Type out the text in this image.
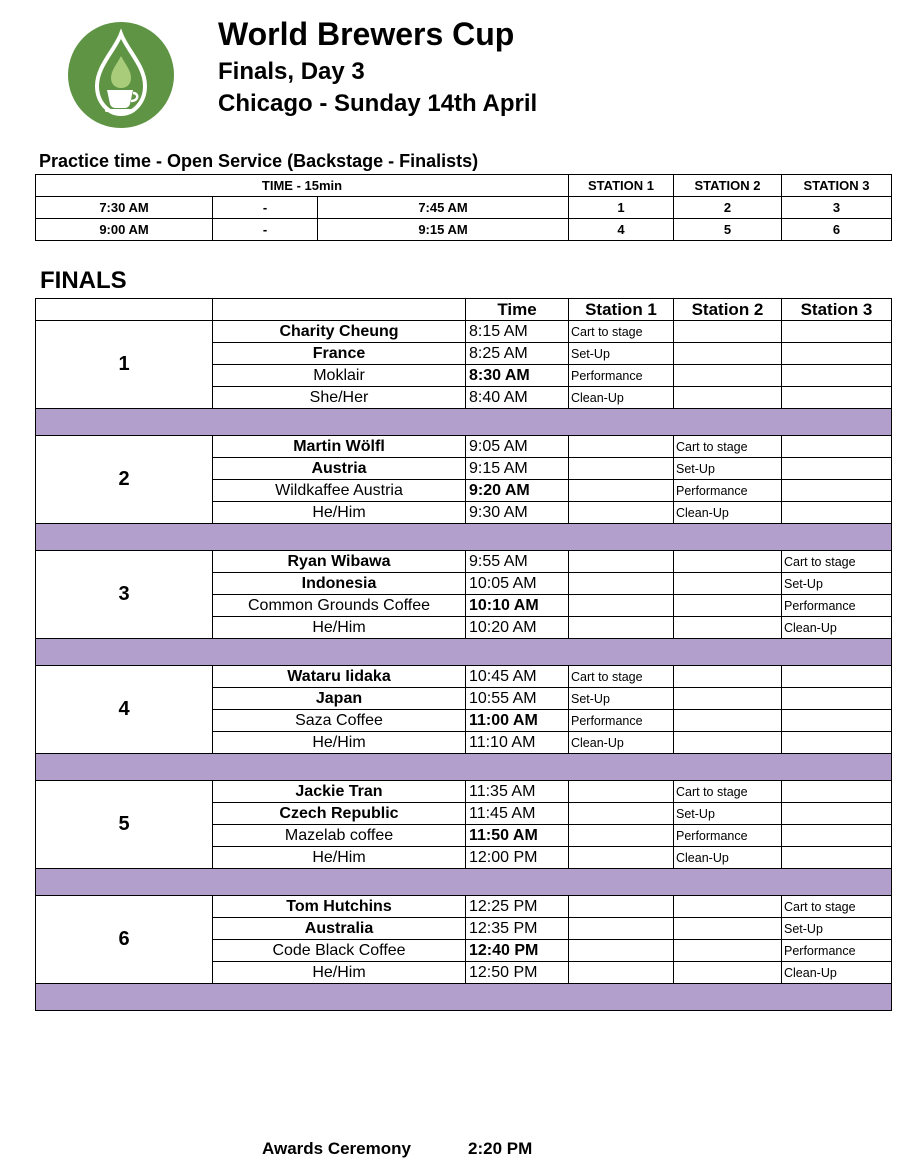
World Brewers Cup
Finals, Day 3
Chicago - Sunday 14th April
Practice time - Open Service (Backstage - Finalists)
TIME - 15min			STATION 1	STATION 2	STATION 3
7:30 AM	-	7:45 AM	1	2	3
9:00 AM	-	9:15 AM	4	5	6
FINALS
		Time	Station 1	Station 2	Station 3
1	Charity Cheung	8:15 AM	Cart to stage		
	France	8:25 AM	Set-Up		
	Moklair	8:30 AM	Performance		
	She/Her	8:40 AM	Clean-Up		

2	Martin Wölfl	9:05 AM		Cart to stage	
	Austria	9:15 AM		Set-Up	
	Wildkaffee Austria	9:20 AM		Performance	
	He/Him	9:30 AM		Clean-Up	

3	Ryan Wibawa	9:55 AM			Cart to stage
	Indonesia	10:05 AM			Set-Up
	Common Grounds Coffee	10:10 AM			Performance
	He/Him	10:20 AM			Clean-Up

4	Wataru Iidaka	10:45 AM	Cart to stage		
	Japan	10:55 AM	Set-Up		
	Saza Coffee	11:00 AM	Performance		
	He/Him	11:10 AM	Clean-Up		

5	Jackie Tran	11:35 AM		Cart to stage	
	Czech Republic	11:45 AM		Set-Up	
	Mazelab coffee	11:50 AM		Performance	
	He/Him	12:00 PM		Clean-Up	

6	Tom Hutchins	12:25 PM			Cart to stage
	Australia	12:35 PM			Set-Up
	Code Black Coffee	12:40 PM			Performance
	He/Him	12:50 PM			Clean-Up

Awards Ceremony	2:20 PM
